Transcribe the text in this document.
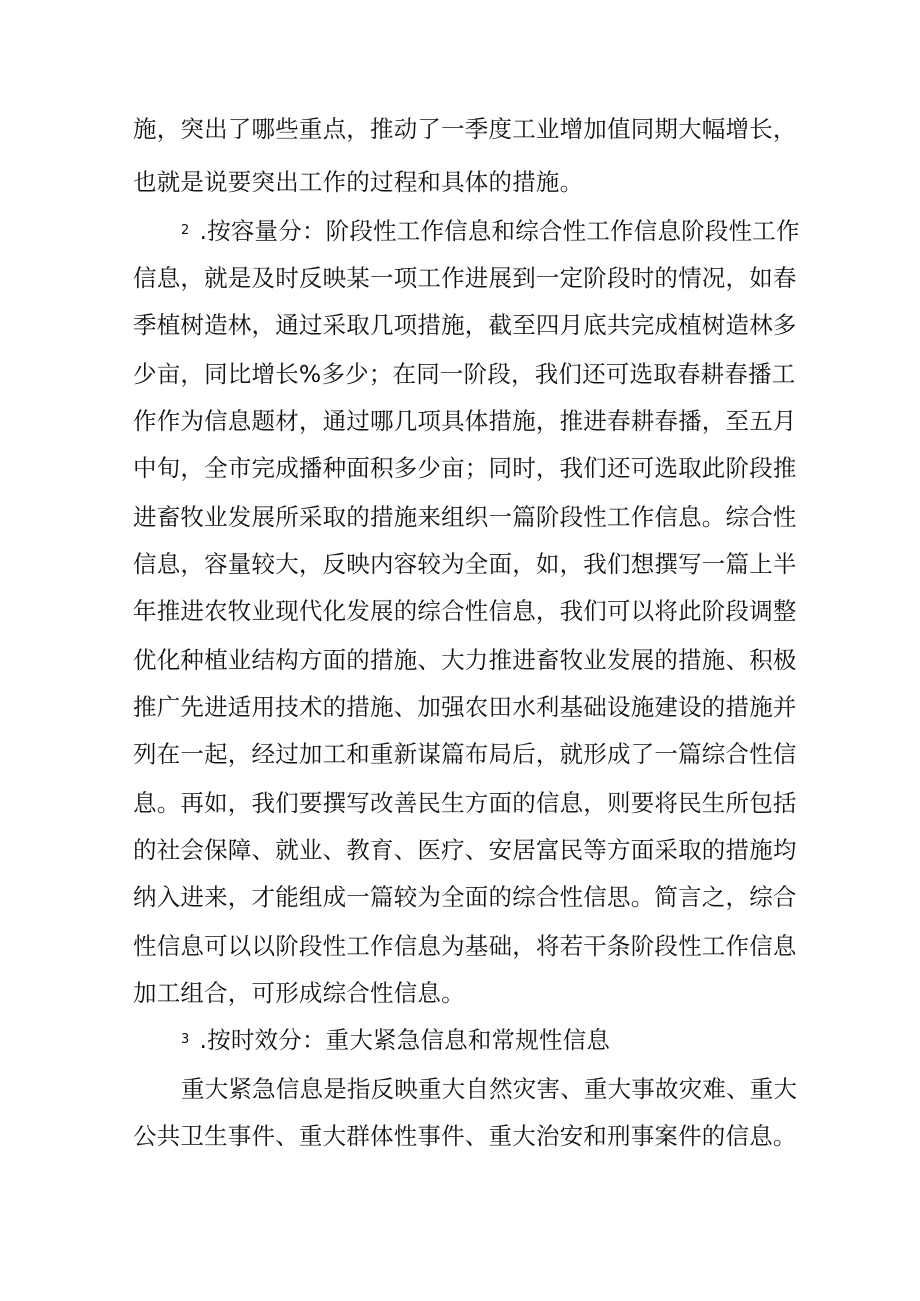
施，突出了哪些重点，推动了一季度工业增加值同期大幅增长，
也就是说要突出工作的过程和具体的措施。
2 .按容量分：阶段性工作信息和综合性工作信息阶段性工作
信息，就是及时反映某一项工作进展到一定阶段时的情况，如春
季植树造林，通过采取几项措施，截至四月底共完成植树造林多
少亩，同比增长%多少；在同一阶段，我们还可选取春耕春播工
作作为信息题材，通过哪几项具体措施，推进春耕春播，至五月
中旬，全市完成播种面积多少亩；同时，我们还可选取此阶段推
进畜牧业发展所采取的措施来组织一篇阶段性工作信息。综合性
信息，容量较大，反映内容较为全面，如，我们想撰写一篇上半
年推进农牧业现代化发展的综合性信息，我们可以将此阶段调整
优化种植业结构方面的措施、大力推进畜牧业发展的措施、积极
推广先进适用技术的措施、加强农田水利基础设施建设的措施并
列在一起，经过加工和重新谋篇布局后，就形成了一篇综合性信
息。再如，我们要撰写改善民生方面的信息，则要将民生所包括
的社会保障、就业、教育、医疗、安居富民等方面采取的措施均
纳入进来，才能组成一篇较为全面的综合性信思。简言之，综合
性信息可以以阶段性工作信息为基础，将若干条阶段性工作信息
加工组合，可形成综合性信息。
3 .按时效分：重大紧急信息和常规性信息
重大紧急信息是指反映重大自然灾害、重大事故灾难、重大
公共卫生事件、重大群体性事件、重大治安和刑事案件的信息。
